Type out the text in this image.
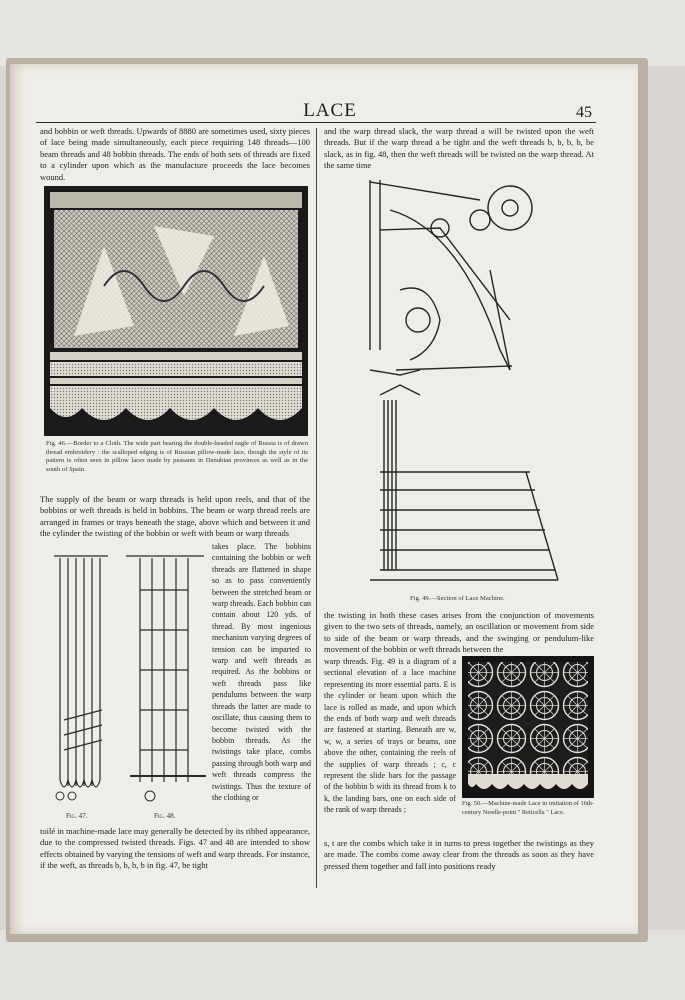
LACE	45

and bobbin or weft threads. Upwards of 8880 are sometimes used, sixty pieces of lace being made simultaneously, each piece requiring 148 threads—100 beam threads and 48 bobbin threads. The ends of both sets of threads are fixed to a cylinder upon which as the manufacture proceeds the lace becomes wound.

Fig. 46.—Border to a Cloth. The wide part bearing the double-headed eagle of Russia is of drawn thread embroidery : the scalloped edging is of Russian pillow-made lace, though the style of its pattern is often seen in pillow laces made by peasants in Danubian provinces as well as in the south of Spain.

The supply of the beam or warp threads is held upon reels, and that of the bobbins or weft threads is held in bobbins. The beam or warp thread reels are arranged in frames or trays beneath the stage, above which and between it and the cylinder the twisting of the bobbin or weft with beam or warp threads

Fig. 47.	Fig. 48.

takes place. The bobbins containing the bobbin or weft threads are flattened in shape so as to pass conveniently between the stretched beam or warp threads. Each bobbin can contain about 120 yds. of thread. By most ingenious mechanism varying degrees of tension can be imparted to warp and weft threads as required. As the bobbins or weft threads pass like pendulums between the warp threads the latter are made to oscillate, thus causing them to become twisted with the bobbin threads. As the twistings take place, combs passing through both warp and weft threads compress the twistings. Thus the texture of the clothing or

toilé in machine-made lace may generally be detected by its ribbed appearance, due to the compressed twisted threads. Figs. 47 and 48 are intended to show effects obtained by varying the tensions of weft and warp threads. For instance, if the weft, as threads b, b, b, b in fig. 47, be tight

and the warp thread slack, the warp thread a will be twisted upon the weft threads. But if the warp thread a be tight and the weft threads b, b, b, b, be slack, as in fig. 48, then the weft threads will be twisted on the warp thread. At the same time

Fig. 49.—Section of Lace Machine.

the twisting in both these cases arises from the conjunction of movements given to the two sets of threads, namely, an oscillation or movement from side to side of the beam or warp threads, and the swinging or pendulum-like movement of the bobbin or weft threads between the

warp threads. Fig. 49 is a diagram of a sectional elevation of a lace machine representing its more essential parts. E is the cylinder or beam upon which the lace is rolled as made, and upon which the ends of both warp and weft threads are fastened at starting. Beneath are w, w, w, a series of trays or beams, one above the other, containing the reels of the supplies of warp threads ; c, c represent the slide bars for the passage of the bobbin b with its thread from k to k, the landing bars, one on each side of the rank of warp threads ;

Fig. 50.—Machine-made Lace in imitation of 16th-century Needle-point " Reticella " Lace.

s, t are the combs which take it in turns to press together the twistings as they are made. The combs come away clear from the threads as soon as they have pressed them together and fall into positions ready
